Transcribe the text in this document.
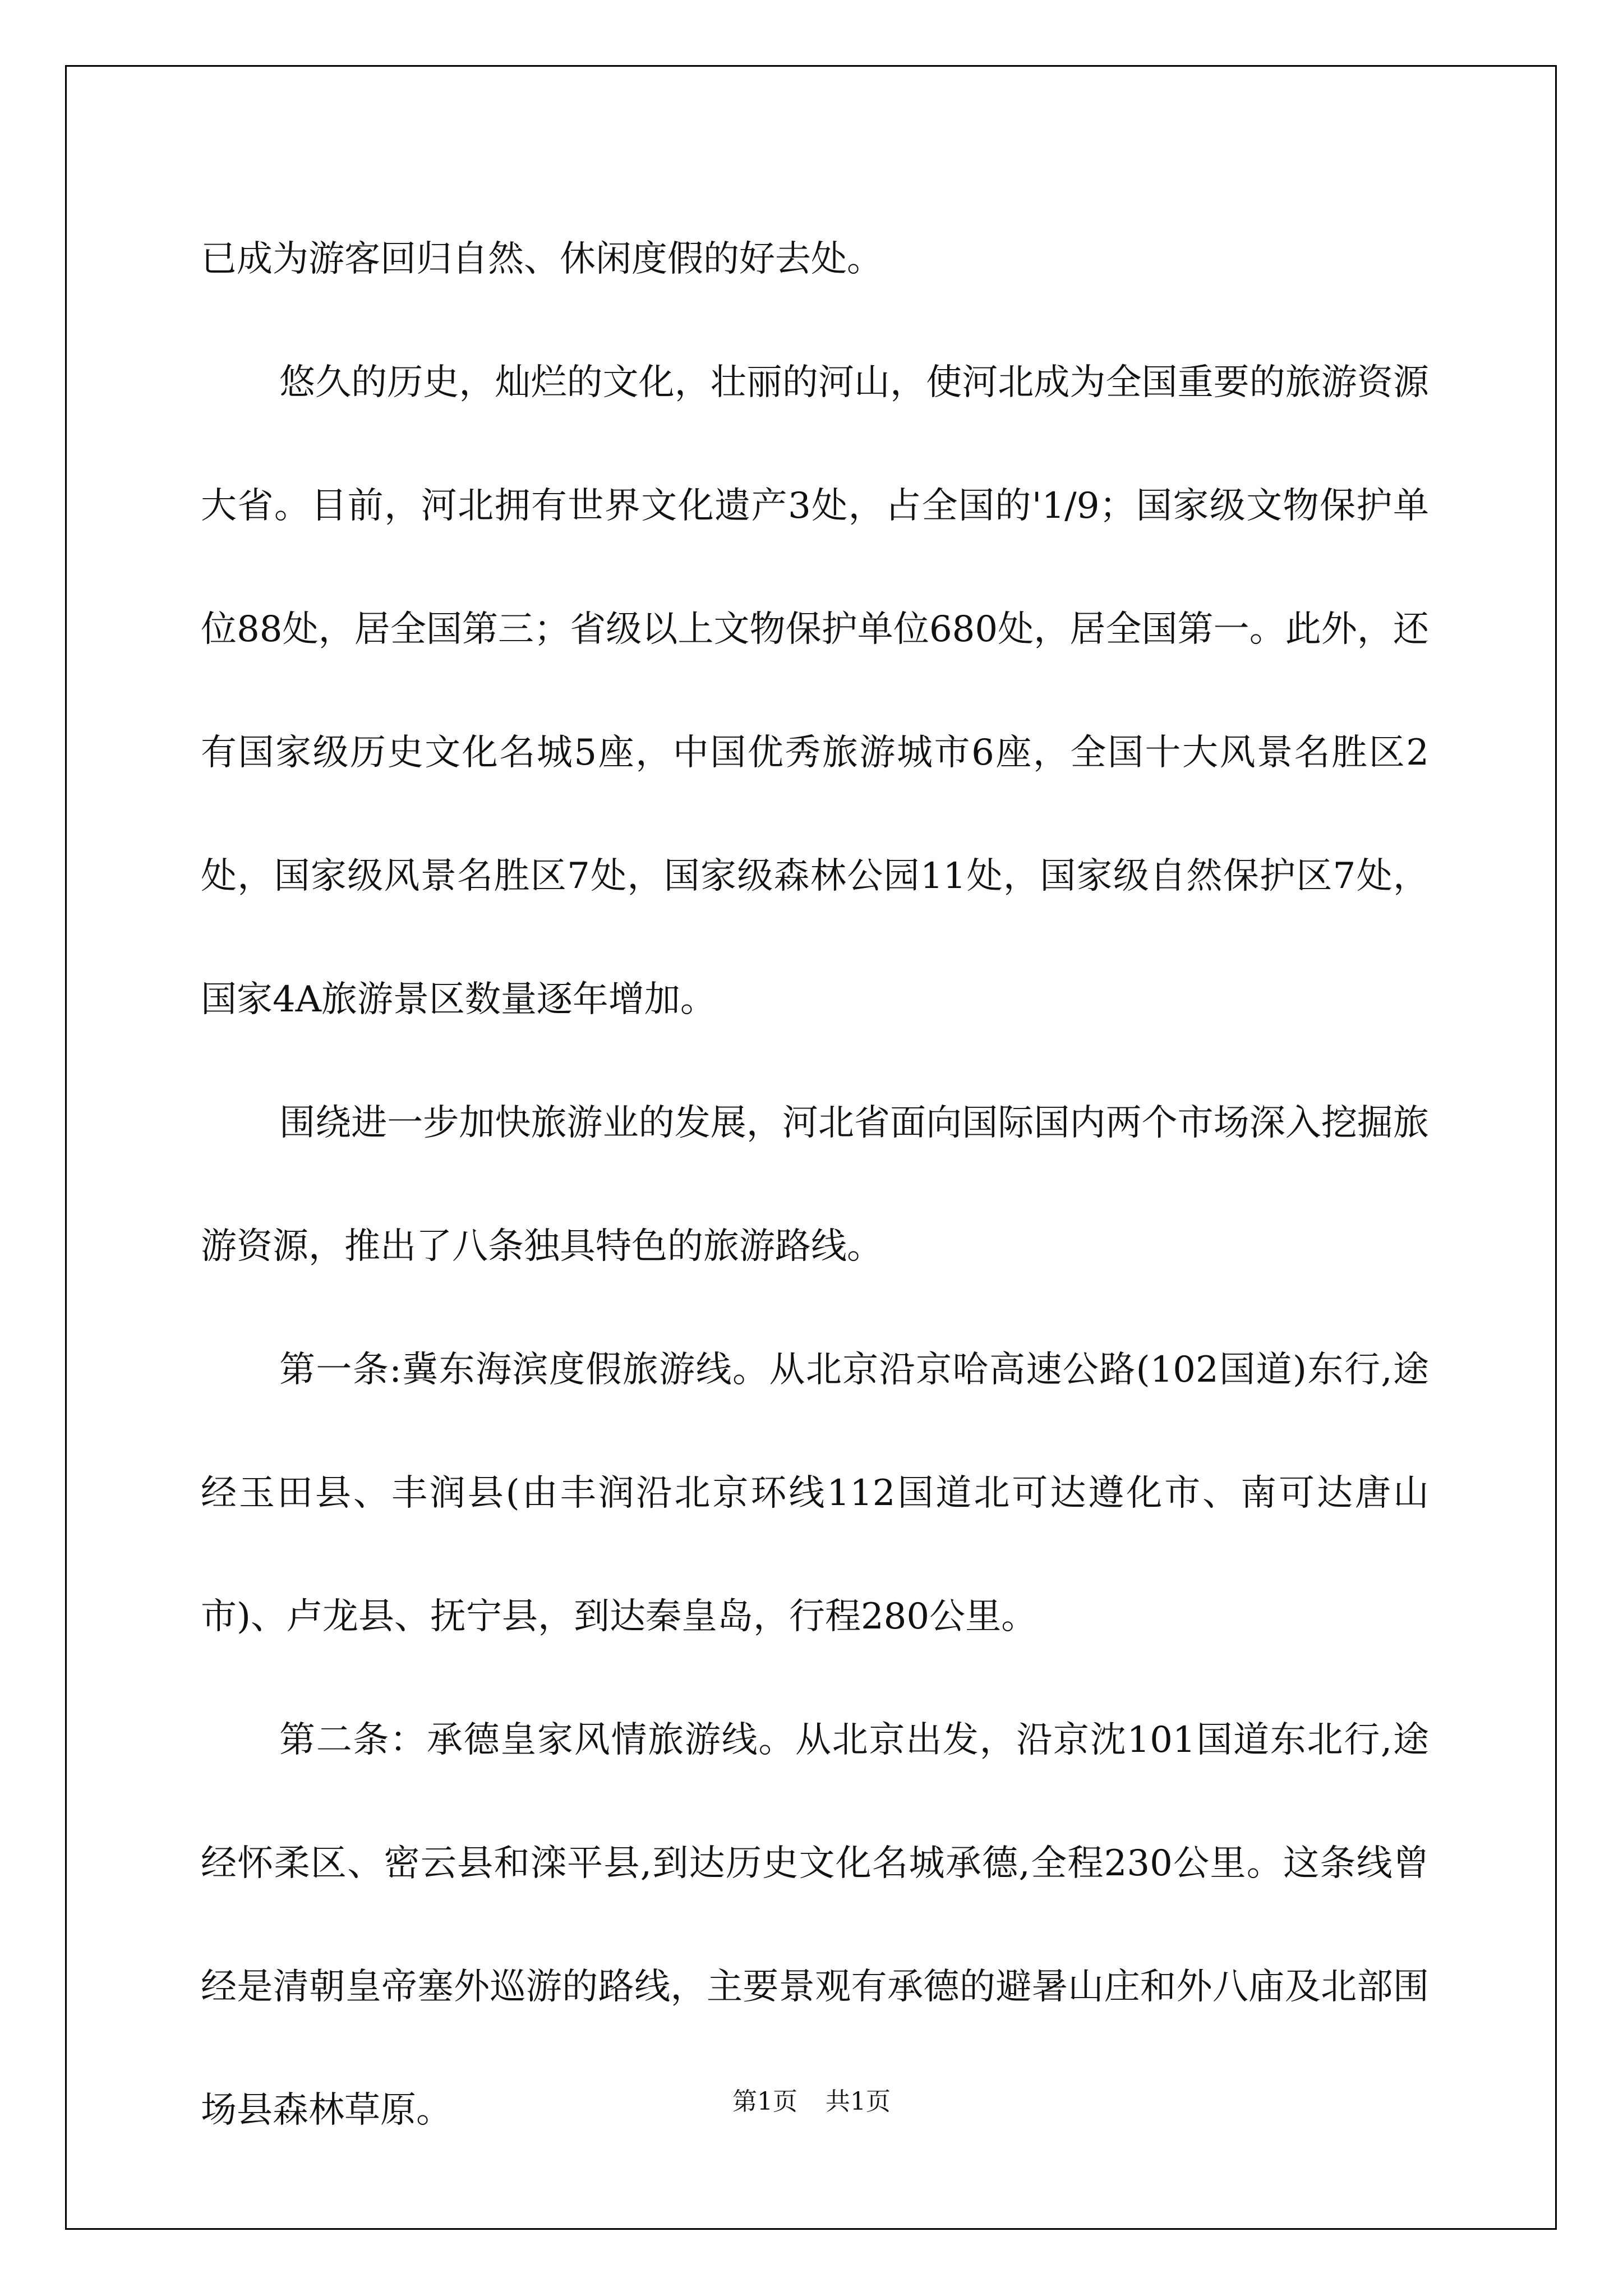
已成为游客回归自然、休闲度假的好去处。

悠久的历史，灿烂的文化，壮丽的河山，使河北成为全国重要的旅游资源大省。目前，河北拥有世界文化遗产3处，占全国的'1/9；国家级文物保护单位88处，居全国第三；省级以上文物保护单位680处，居全国第一。此外，还有国家级历史文化名城5座，中国优秀旅游城市6座，全国十大风景名胜区2处，国家级风景名胜区7处，国家级森林公园11处，国家级自然保护区7处，国家4A旅游景区数量逐年增加。

围绕进一步加快旅游业的发展，河北省面向国际国内两个市场深入挖掘旅游资源，推出了八条独具特色的旅游路线。

第一条:冀东海滨度假旅游线。从北京沿京哈高速公路(102国道)东行,途经玉田县、丰润县(由丰润沿北京环线112国道北可达遵化市、南可达唐山市)、卢龙县、抚宁县，到达秦皇岛，行程280公里。

第二条：承德皇家风情旅游线。从北京出发，沿京沈101国道东北行,途经怀柔区、密云县和滦平县,到达历史文化名城承德,全程230公里。这条线曾经是清朝皇帝塞外巡游的路线，主要景观有承德的避暑山庄和外八庙及北部围场县森林草原。	第1页 共1页
